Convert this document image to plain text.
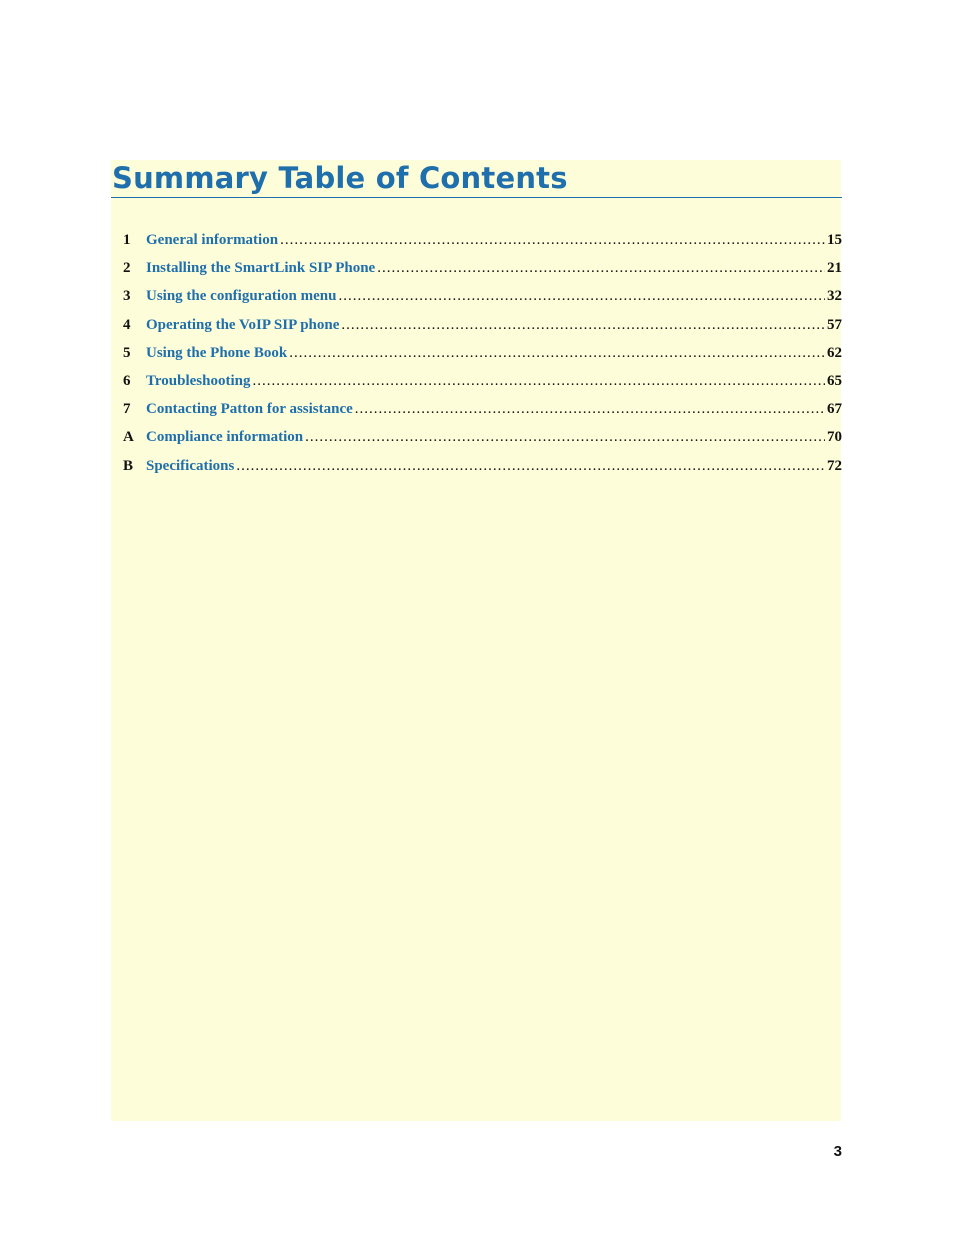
Summary Table of Contents
1	General information .....	15
2	Installing the SmartLink SIP Phone .....	21
3	Using the configuration menu .....	32
4	Operating the VoIP SIP phone .....	57
5	Using the Phone Book .....	62
6	Troubleshooting .....	65
7	Contacting Patton for assistance .....	67
A Compliance information .....	70
B Specifications .....	72
3
